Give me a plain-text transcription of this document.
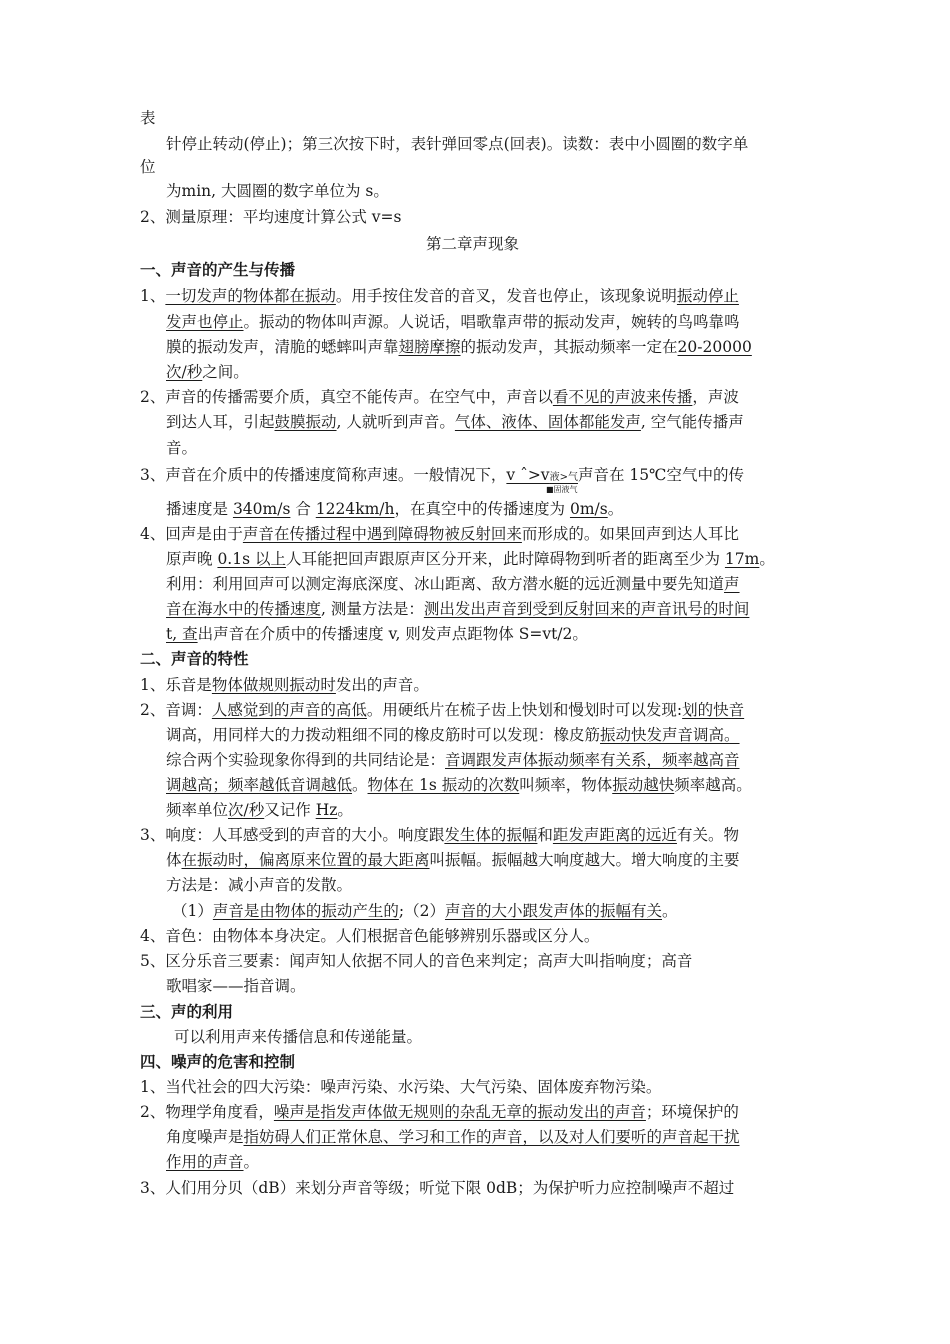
表
针停止转动(停止)；第三次按下时，表针弹回零点(回表)。读数：表中小圆圈的数字单
位
为min, 大圆圈的数字单位为 s。
2、测量原理：平均速度计算公式 v=s
第二章声现象
一、声音的产生与传播
1、一切发声的物体都在振动。用手按住发音的音叉，发音也停止，该现象说明振动停止
发声也停止。振动的物体叫声源。人说话，唱歌靠声带的振动发声，婉转的鸟鸣靠鸣
膜的振动发声，清脆的蟋蟀叫声靠翅膀摩擦的振动发声，其振动频率一定在20-20000
次/秒之间。
2、声音的传播需要介质，真空不能传声。在空气中，声音以看不见的声波来传播，声波
到达人耳，引起鼓膜振动, 人就听到声音。气体、液体、固体都能发声, 空气能传播声
音。
3、声音在介质中的传播速度简称声速。一般情况下，v ˆ>v液>气声音在 15℃空气中的传
■固液气
播速度是 340m/s 合 1224km/h，在真空中的传播速度为 0m/s。
4、回声是由于声音在传播过程中遇到障碍物被反射回来而形成的。如果回声到达人耳比
原声晚 0.1s 以上人耳能把回声跟原声区分开来，此时障碍物到听者的距离至少为 17m。
利用：利用回声可以测定海底深度、冰山距离、敌方潜水艇的远近测量中要先知道声
音在海水中的传播速度, 测量方法是：测出发出声音到受到反射回来的声音讯号的时间
t, 查出声音在介质中的传播速度 v, 则发声点距物体 S=vt/2。
二、声音的特性
1、乐音是物体做规则振动时发出的声音。
2、音调：人感觉到的声音的高低。用硬纸片在梳子齿上快划和慢划时可以发现:划的快音
调高，用同样大的力拨动粗细不同的橡皮筋时可以发现：橡皮筋振动快发声音调高。
综合两个实验现象你得到的共同结论是：音调跟发声体振动频率有关系，频率越高音
调越高；频率越低音调越低。物体在 1s 振动的次数叫频率，物体振动越快频率越高。
频率单位次/秒又记作 Hz。
3、响度：人耳感受到的声音的大小。响度跟发生体的振幅和距发声距离的远近有关。物
体在振动时，偏离原来位置的最大距离叫振幅。振幅越大响度越大。增大响度的主要
方法是：减小声音的发散。
（1）声音是由物体的振动产生的;（2）声音的大小跟发声体的振幅有关。
4、音色：由物体本身决定。人们根据音色能够辨别乐器或区分人。
5、区分乐音三要素：闻声知人依据不同人的音色来判定；高声大叫指响度；高音
歌唱家——指音调。
三、声的利用
可以利用声来传播信息和传递能量。
四、噪声的危害和控制
1、当代社会的四大污染：噪声污染、水污染、大气污染、固体废弃物污染。
2、物理学角度看，噪声是指发声体做无规则的杂乱无章的振动发出的声音；环境保护的
角度噪声是指妨碍人们正常休息、学习和工作的声音，以及对人们要听的声音起干扰
作用的声音。
3、人们用分贝（dB）来划分声音等级；听觉下限 0dB；为保护听力应控制噪声不超过
